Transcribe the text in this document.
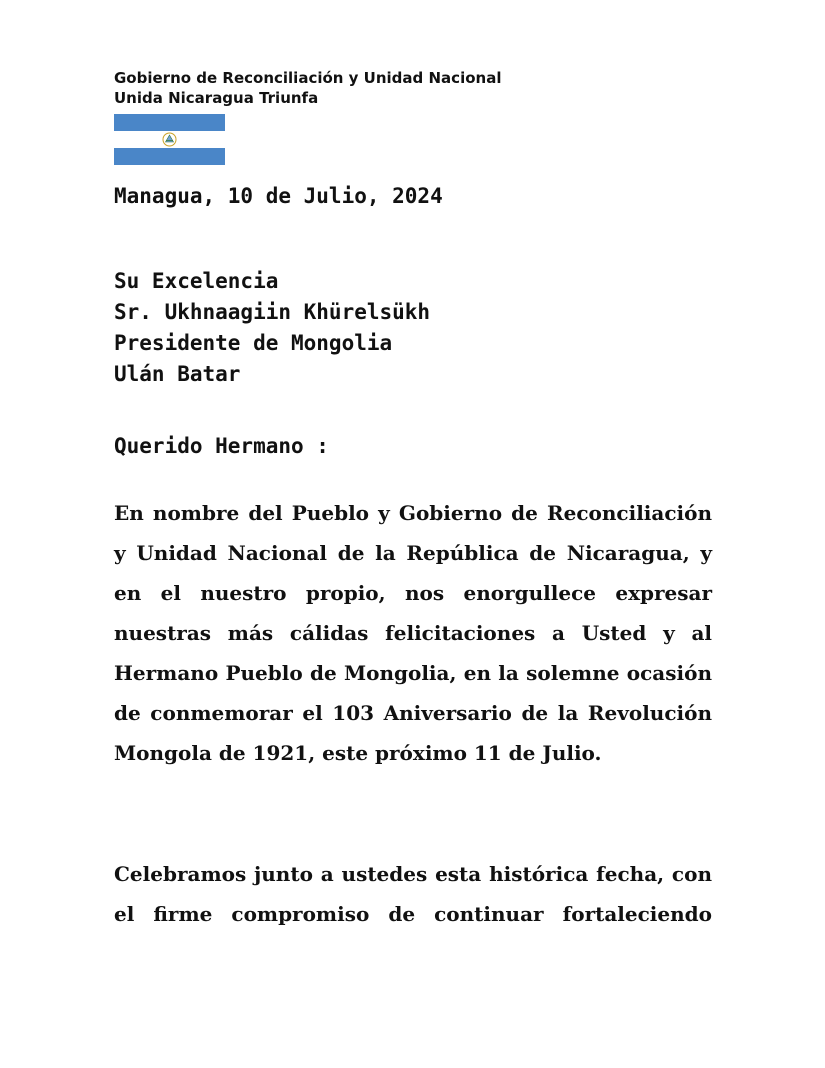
Gobierno de Reconciliación y Unidad Nacional
Unida Nicaragua Triunfa
Managua, 10 de Julio, 2024
Su Excelencia
Sr. Ukhnaagiin Khürelsükh
Presidente de Mongolia
Ulán Batar
Querido Hermano :
En nombre del Pueblo y Gobierno de Reconciliación y Unidad Nacional de la República de Nicaragua, y en el nuestro propio, nos enorgullece expresar nuestras más cálidas felicitaciones a Usted y al Hermano Pueblo de Mongolia, en la solemne ocasión de conmemorar el 103 Aniversario de la Revolución Mongola de 1921, este próximo 11 de Julio.
Celebramos junto a ustedes esta histórica fecha, con el firme compromiso de continuar fortaleciendo
